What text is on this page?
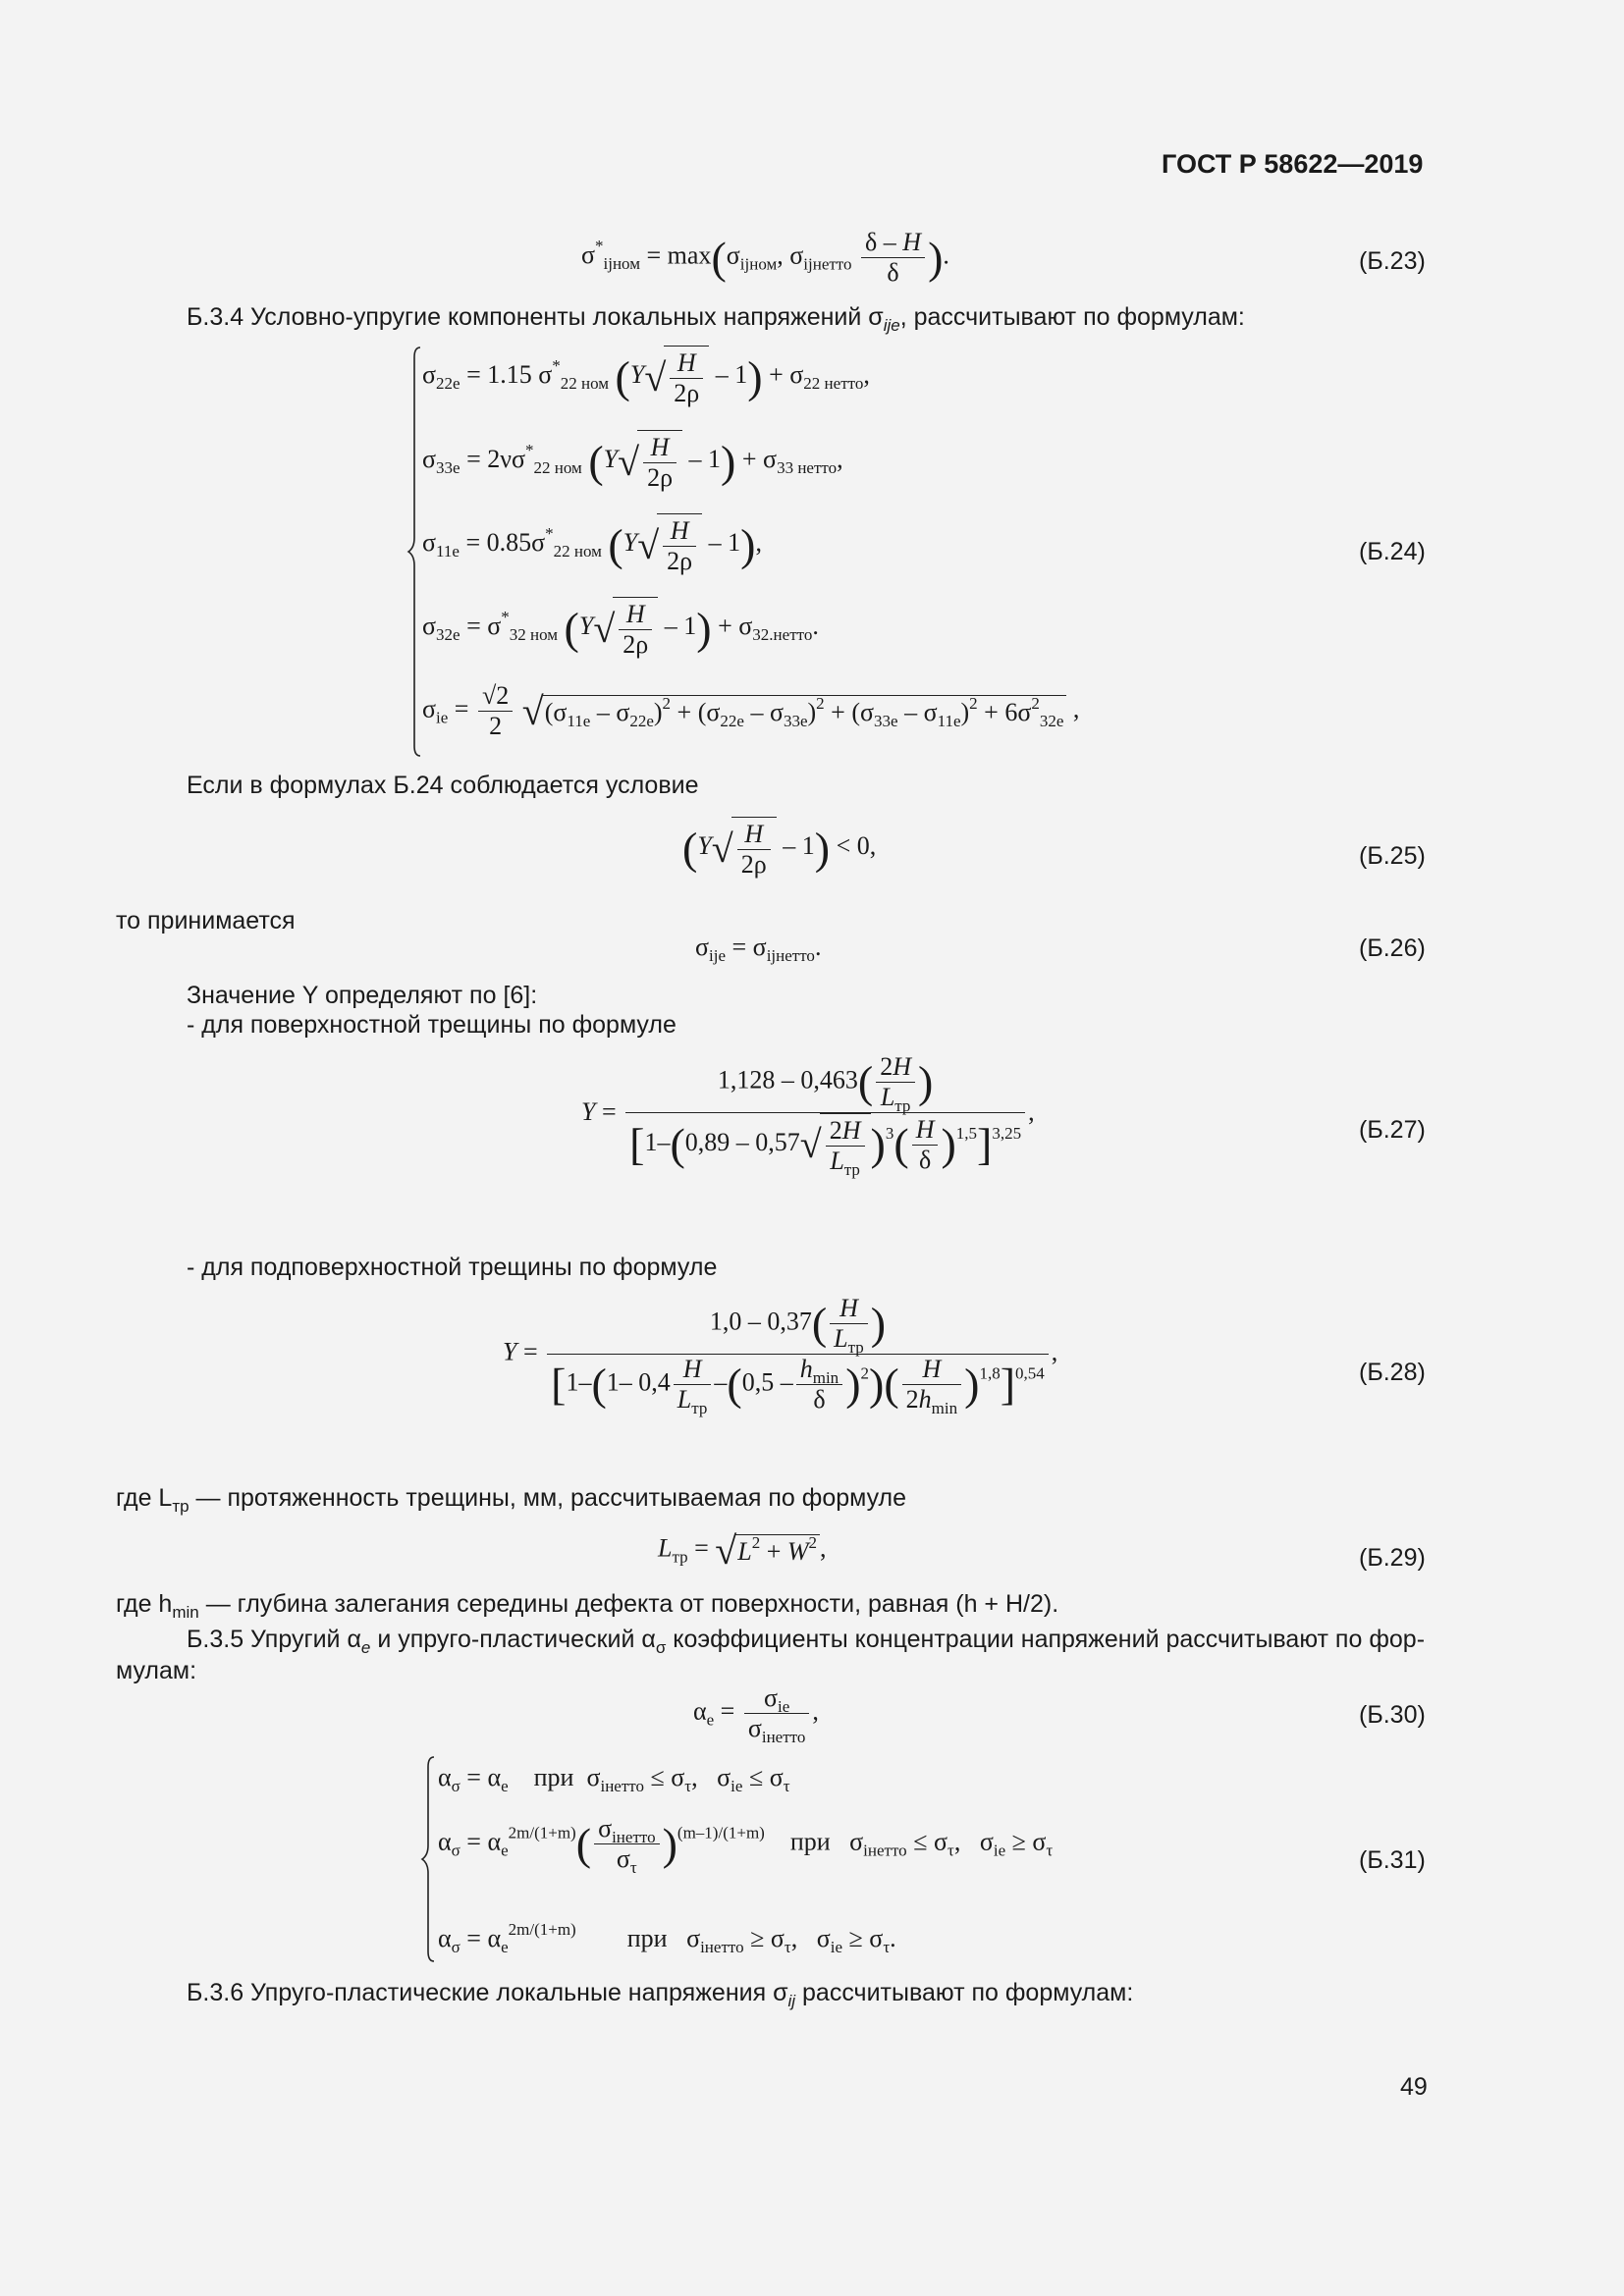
ГОСТ Р 58622—2019
$\sigma^*_{ijном} = \max(\sigma_{ijном}$, $\sigma_{ijнетто} \frac{\delta - H}{\delta}$ ).	(Б.23)
Б.3.4 Условно-упругие компоненты локальных напряжений $\sigma_{ije}$, рассчитывают по формулам:
$\sigma_{22e} = 1.15$ $\sigma^*_{22 ном}$ $(Y√ \frac{H}{2\rho} - 1) + \sigma_{22 нетто}$,
$\sigma_{33e} = 2\nu\sigma^*_{22 ном}$ $(Y√ \frac{H}{2\rho} - 1) + \sigma_{33 нетто}$,
$\sigma_{11e} = 0.85\sigma^*_{22 ном}$ $(Y√ \frac{H}{2\rho} - 1)$,	(Б.24)
$\sigma_{32e} = \sigma^*_{32 ном}$ $(Y√ \frac{H}{2\rho} - 1) + \sigma_{32.нетто}$.
$\sigma_{ie} = \frac{√2}{2} √(\sigma_{11e} - \sigma_{22e})^2 + (\sigma_{22e} - \sigma_{33e})^2 + (\sigma_{33e} - \sigma_{11e})^2 + 6\sigma^2_{32e}$ ,
Если в формулах Б.24 соблюдается условие
$(Y√ \frac{H}{2\rho} - 1) < 0$,	(Б.25)
то принимается
$\sigma_{ije} = \sigma_{ijнетто}$.	(Б.26)
Значение Y определяют по [6]:
- для поверхностной трещины по формуле
$Y = \frac{1,128 - 0,463( \frac{2H}{L_{тр}} )}{[1-(0,89 - 0,57√ \frac{2H}{L_{тр}} )^3( \frac{H}{\delta} )^{1,5}]^{3,25}}$ ,
(Б.27)
- для подповерхностной трещины по формуле
$Y = \frac{1,0 - 0,37( \frac{H}{L_{тр}} )}{[1-(1- 0,4 \frac{H}{L_{тр}} -(0,5 - \frac{h_{min}}{\delta} )^2)( \frac{H}{2h_{min}} )^{1,8}]^{0,54}}$ ,
(Б.28)
где $L_{тр}$ — протяженность трещины, мм, рассчитываемая по формуле
$L_{тр} = √L^2 + W^2$ ,	(Б.29)
где $h_{min}$ — глубина залегания середины дефекта от поверхности, равная (h + H/2).
Б.3.5 Упругий $\alpha_e$ и упруго-пластический $\alpha_\sigma$ коэффициенты концентрации напряжений рассчитывают по фор-
мулам:
$\alpha_e = \frac{\sigma_{ie}}{\sigma_{iнетто}}$ ,	(Б.30)
$\alpha_\sigma = \alpha_e$ при  $\sigma_{iнетто} \le \sigma_\tau$,   $\sigma_{ie} \le \sigma_\tau$
$\alpha_\sigma = \alpha_e^{2m/(1+m)}( \frac{\sigma_{iнетто}}{\sigma_\tau} )^{(m-1)/(1+m)}$ при   $\sigma_{iнетто} \le \sigma_\tau$,   $\sigma_{ie} \ge \sigma_\tau$	(Б.31)
$\alpha_\sigma = \alpha_e^{2m/(1+m)}$ при   $\sigma_{iнетто} \ge \sigma_\tau$,   $\sigma_{ie} \ge \sigma_\tau$.
Б.3.6 Упруго-пластические локальные напряжения $\sigma_{ij}$ рассчитывают по формулам:
49
